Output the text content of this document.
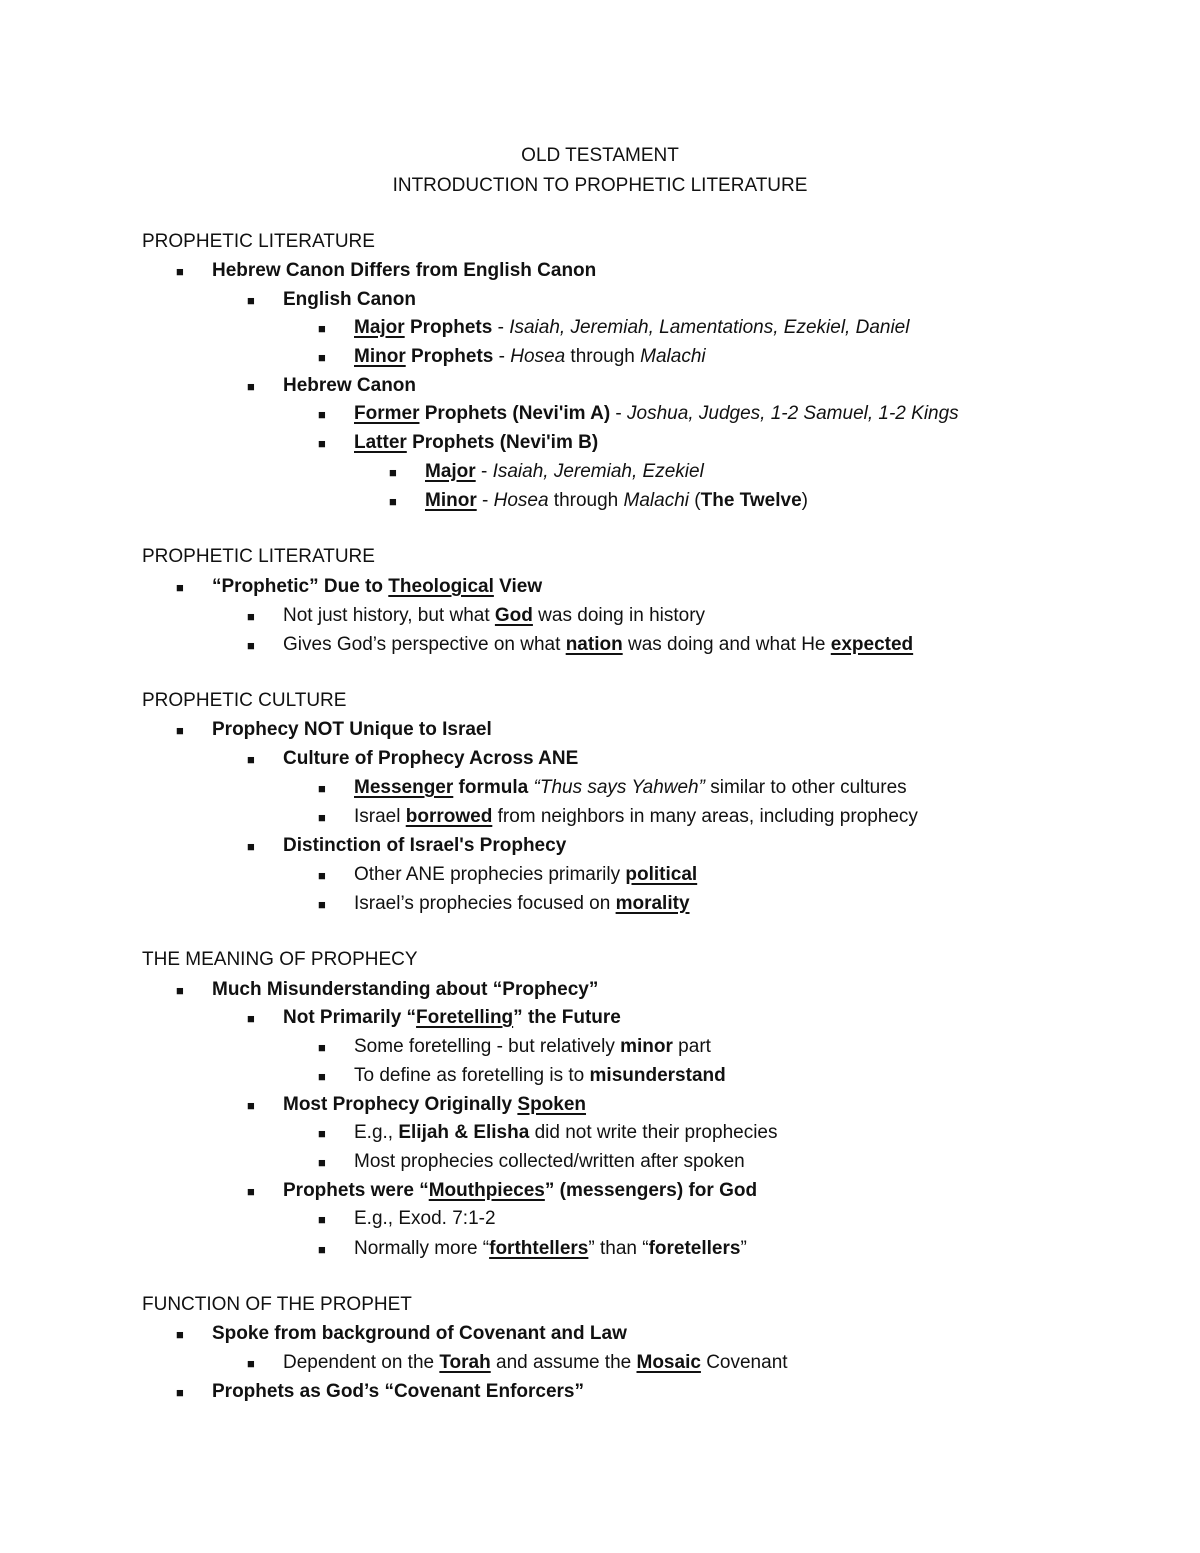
OLD TESTAMENT
INTRODUCTION TO PROPHETIC LITERATURE
PROPHETIC LITERATURE
■ Hebrew Canon Differs from English Canon
■ English Canon
■ Major Prophets - Isaiah, Jeremiah, Lamentations, Ezekiel, Daniel
■ Minor Prophets - Hosea through Malachi
■ Hebrew Canon
■ Former Prophets (Nevi'im A) - Joshua, Judges, 1-2 Samuel, 1-2 Kings
■ Latter Prophets (Nevi'im B)
■ Major - Isaiah, Jeremiah, Ezekiel
■ Minor - Hosea through Malachi (The Twelve)
PROPHETIC LITERATURE
■ “Prophetic” Due to Theological View
■ Not just history, but what God was doing in history
■ Gives God’s perspective on what nation was doing and what He expected
PROPHETIC CULTURE
■ Prophecy NOT Unique to Israel
■ Culture of Prophecy Across ANE
■ Messenger formula “Thus says Yahweh” similar to other cultures
■ Israel borrowed from neighbors in many areas, including prophecy
■ Distinction of Israel's Prophecy
■ Other ANE prophecies primarily political
■ Israel’s prophecies focused on morality
THE MEANING OF PROPHECY
■ Much Misunderstanding about “Prophecy”
■ Not Primarily “Foretelling” the Future
■ Some foretelling - but relatively minor part
■ To define as foretelling is to misunderstand
■ Most Prophecy Originally Spoken
■ E.g., Elijah & Elisha did not write their prophecies
■ Most prophecies collected/written after spoken
■ Prophets were “Mouthpieces” (messengers) for God
■ E.g., Exod. 7:1-2
■ Normally more “forthtellers” than “foretellers”
FUNCTION OF THE PROPHET
■ Spoke from background of Covenant and Law
■ Dependent on the Torah and assume the Mosaic Covenant
■ Prophets as God’s “Covenant Enforcers”
